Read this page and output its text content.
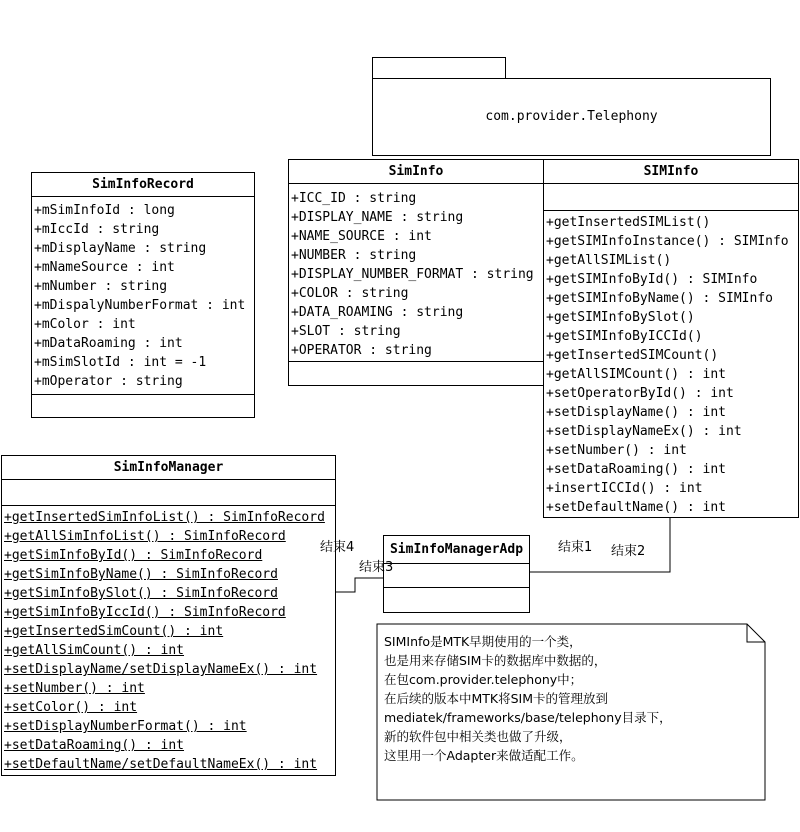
com.provider.Telephony
SimInfoRecord
+mSimInfoId : long
+mIccId : string
+mDisplayName : string
+mNameSource : int
+mNumber : string
+mDispalyNumberFormat : int
+mColor : int
+mDataRoaming : int
+mSimSlotId : int = -1
+mOperator : string
SimInfo
+ICC_ID : string
+DISPLAY_NAME : string
+NAME_SOURCE : int
+NUMBER : string
+DISPLAY_NUMBER_FORMAT : string
+COLOR : string
+DATA_ROAMING : string
+SLOT : string
+OPERATOR : string
SIMInfo
+getInsertedSIMList()
+getSIMInfoInstance() : SIMInfo
+getAllSIMList()
+getSIMInfoById() : SIMInfo
+getSIMInfoByName() : SIMInfo
+getSIMInfoBySlot()
+getSIMInfoByICCId()
+getInsertedSIMCount()
+getAllSIMCount() : int
+setOperatorById() : int
+setDisplayName() : int
+setDisplayNameEx() : int
+setNumber() : int
+setDataRoaming() : int
+insertICCId() : int
+setDefaultName() : int
SimInfoManager
+getInsertedSimInfoList() : SimInfoRecord
+getAllSimInfoList() : SimInfoRecord
+getSimInfoById() : SimInfoRecord
+getSimInfoByName() : SimInfoRecord
+getSimInfoBySlot() : SimInfoRecord
+getSimInfoByIccId() : SimInfoRecord
+getInsertedSimCount() : int
+getAllSimCount() : int
+setDisplayName/setDisplayNameEx() : int
+setNumber() : int
+setColor() : int
+setDisplayNumberFormat() : int
+setDataRoaming() : int
+setDefaultName/setDefaultNameEx() : int
SimInfoManagerAdp	结束1 结束2
结束3
结束4
SIMInfo是MTK早期使用的一个类，
也是用来存储SIM卡的数据库中数据的，
在包com.provider.telephony中；
在后续的版本中MTK将SIM卡的管理放到
mediatek/frameworks/base/telephony目录下，
新的软件包中相关类也做了升级，
这里用一个Adapter来做适配工作。
